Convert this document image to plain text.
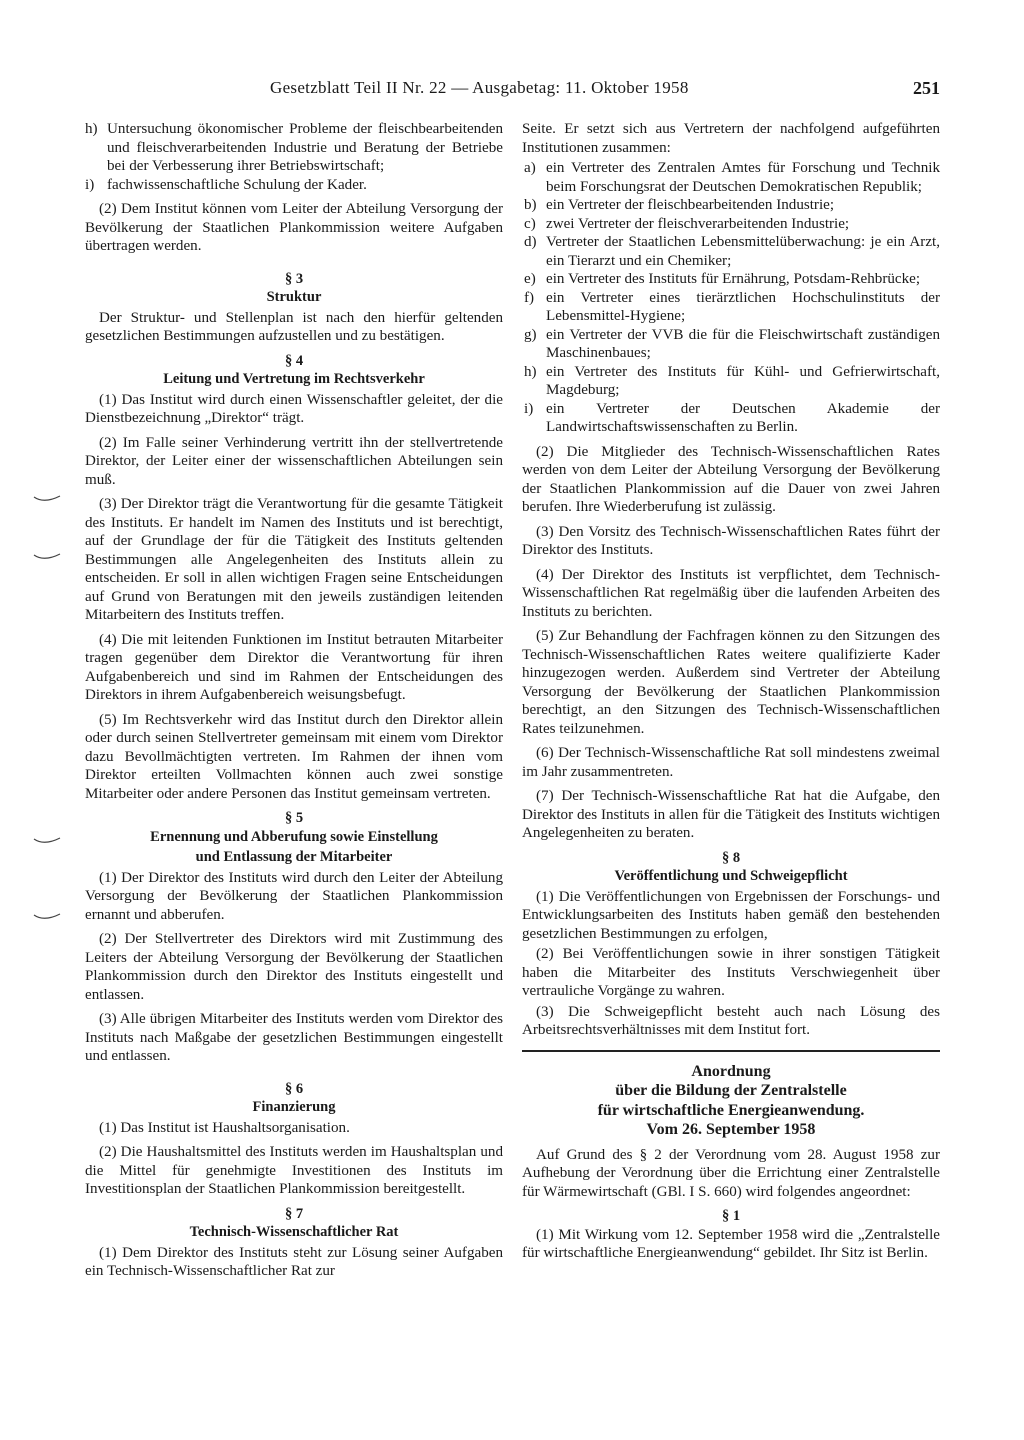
Gesetzblatt Teil II Nr. 22 — Ausgabetag: 11. Oktober 1958	251
h) Untersuchung ökonomischer Probleme der fleischbearbeitenden und fleischverarbeitenden Industrie und Beratung der Betriebe bei der Verbesserung ihrer Betriebswirtschaft;
i) fachwissenschaftliche Schulung der Kader.

(2) Dem Institut können vom Leiter der Abteilung Versorgung der Bevölkerung der Staatlichen Plankommission weitere Aufgaben übertragen werden.

§ 3
Struktur

Der Struktur- und Stellenplan ist nach den hierfür geltenden gesetzlichen Bestimmungen aufzustellen und zu bestätigen.

§ 4
Leitung und Vertretung im Rechtsverkehr

(1) Das Institut wird durch einen Wissenschaftler geleitet, der die Dienstbezeichnung „Direktor“ trägt.

(2) Im Falle seiner Verhinderung vertritt ihn der stellvertretende Direktor, der Leiter einer der wissenschaftlichen Abteilungen sein muß.

(3) Der Direktor trägt die Verantwortung für die gesamte Tätigkeit des Instituts. Er handelt im Namen des Instituts und ist berechtigt, auf der Grundlage der für die Tätigkeit des Instituts geltenden Bestimmungen alle Angelegenheiten des Instituts allein zu entscheiden. Er soll in allen wichtigen Fragen seine Entscheidungen auf Grund von Beratungen mit den jeweils zuständigen leitenden Mitarbeitern des Instituts treffen.

(4) Die mit leitenden Funktionen im Institut betrauten Mitarbeiter tragen gegenüber dem Direktor die Verantwortung für ihren Aufgabenbereich und sind im Rahmen der Entscheidungen des Direktors in ihrem Aufgabenbereich weisungsbefugt.

(5) Im Rechtsverkehr wird das Institut durch den Direktor allein oder durch seinen Stellvertreter gemeinsam mit einem vom Direktor dazu Bevollmächtigten vertreten. Im Rahmen der ihnen vom Direktor erteilten Vollmachten können auch zwei sonstige Mitarbeiter oder andere Personen das Institut gemeinsam vertreten.

§ 5
Ernennung und Abberufung sowie Einstellung
und Entlassung der Mitarbeiter

(1) Der Direktor des Instituts wird durch den Leiter der Abteilung Versorgung der Bevölkerung der Staatlichen Plankommission ernannt und abberufen.

(2) Der Stellvertreter des Direktors wird mit Zustimmung des Leiters der Abteilung Versorgung der Bevölkerung der Staatlichen Plankommission durch den Direktor des Instituts eingestellt und entlassen.

(3) Alle übrigen Mitarbeiter des Instituts werden vom Direktor des Instituts nach Maßgabe der gesetzlichen Bestimmungen eingestellt und entlassen.

§ 6
Finanzierung

(1) Das Institut ist Haushaltsorganisation.

(2) Die Haushaltsmittel des Instituts werden im Haushaltsplan und die Mittel für genehmigte Investitionen des Instituts im Investitionsplan der Staatlichen Plankommission bereitgestellt.

§ 7
Technisch-Wissenschaftlicher Rat

(1) Dem Direktor des Instituts steht zur Lösung seiner Aufgaben ein Technisch-Wissenschaftlicher Rat zur

Seite. Er setzt sich aus Vertretern der nachfolgend aufgeführten Institutionen zusammen:

a) ein Vertreter des Zentralen Amtes für Forschung und Technik beim Forschungsrat der Deutschen Demokratischen Republik;
b) ein Vertreter der fleischbearbeitenden Industrie;
c) zwei Vertreter der fleischverarbeitenden Industrie;
d) Vertreter der Staatlichen Lebensmittelüberwachung: je ein Arzt, ein Tierarzt und ein Chemiker;
e) ein Vertreter des Instituts für Ernährung, Potsdam-Rehbrücke;
f) ein Vertreter eines tierärztlichen Hochschulinstituts der Lebensmittel-Hygiene;
g) ein Vertreter der VVB die für die Fleischwirtschaft zuständigen Maschinenbaues;
h) ein Vertreter des Instituts für Kühl- und Gefrierwirtschaft, Magdeburg;
i) ein Vertreter der Deutschen Akademie der Landwirtschaftswissenschaften zu Berlin.

(2) Die Mitglieder des Technisch-Wissenschaftlichen Rates werden von dem Leiter der Abteilung Versorgung der Bevölkerung der Staatlichen Plankommission auf die Dauer von zwei Jahren berufen. Ihre Wiederberufung ist zulässig.

(3) Den Vorsitz des Technisch-Wissenschaftlichen Rates führt der Direktor des Instituts.

(4) Der Direktor des Instituts ist verpflichtet, dem Technisch-Wissenschaftlichen Rat regelmäßig über die laufenden Arbeiten des Instituts zu berichten.

(5) Zur Behandlung der Fachfragen können zu den Sitzungen des Technisch-Wissenschaftlichen Rates weitere qualifizierte Kader hinzugezogen werden. Außerdem sind Vertreter der Abteilung Versorgung der Bevölkerung der Staatlichen Plankommission berechtigt, an den Sitzungen des Technisch-Wissenschaftlichen Rates teilzunehmen.

(6) Der Technisch-Wissenschaftliche Rat soll mindestens zweimal im Jahr zusammentreten.

(7) Der Technisch-Wissenschaftliche Rat hat die Aufgabe, den Direktor des Instituts in allen für die Tätigkeit des Instituts wichtigen Angelegenheiten zu beraten.

§ 8
Veröffentlichung und Schweigepflicht

(1) Die Veröffentlichungen von Ergebnissen der Forschungs- und Entwicklungsarbeiten des Instituts haben gemäß den bestehenden gesetzlichen Bestimmungen zu erfolgen,

(2) Bei Veröffentlichungen sowie in ihrer sonstigen Tätigkeit haben die Mitarbeiter des Instituts Verschwiegenheit über vertrauliche Vorgänge zu wahren.

(3) Die Schweigepflicht besteht auch nach Lösung des Arbeitsrechtsverhältnisses mit dem Institut fort.

Anordnung
über die Bildung der Zentralstelle
für wirtschaftliche Energieanwendung.
Vom 26. September 1958

Auf Grund des § 2 der Verordnung vom 28. August 1958 zur Aufhebung der Verordnung über die Errichtung einer Zentralstelle für Wärmewirtschaft (GBl. I S. 660) wird folgendes angeordnet:

§ 1

(1) Mit Wirkung vom 12. September 1958 wird die „Zentralstelle für wirtschaftliche Energieanwendung“ gebildet. Ihr Sitz ist Berlin.
